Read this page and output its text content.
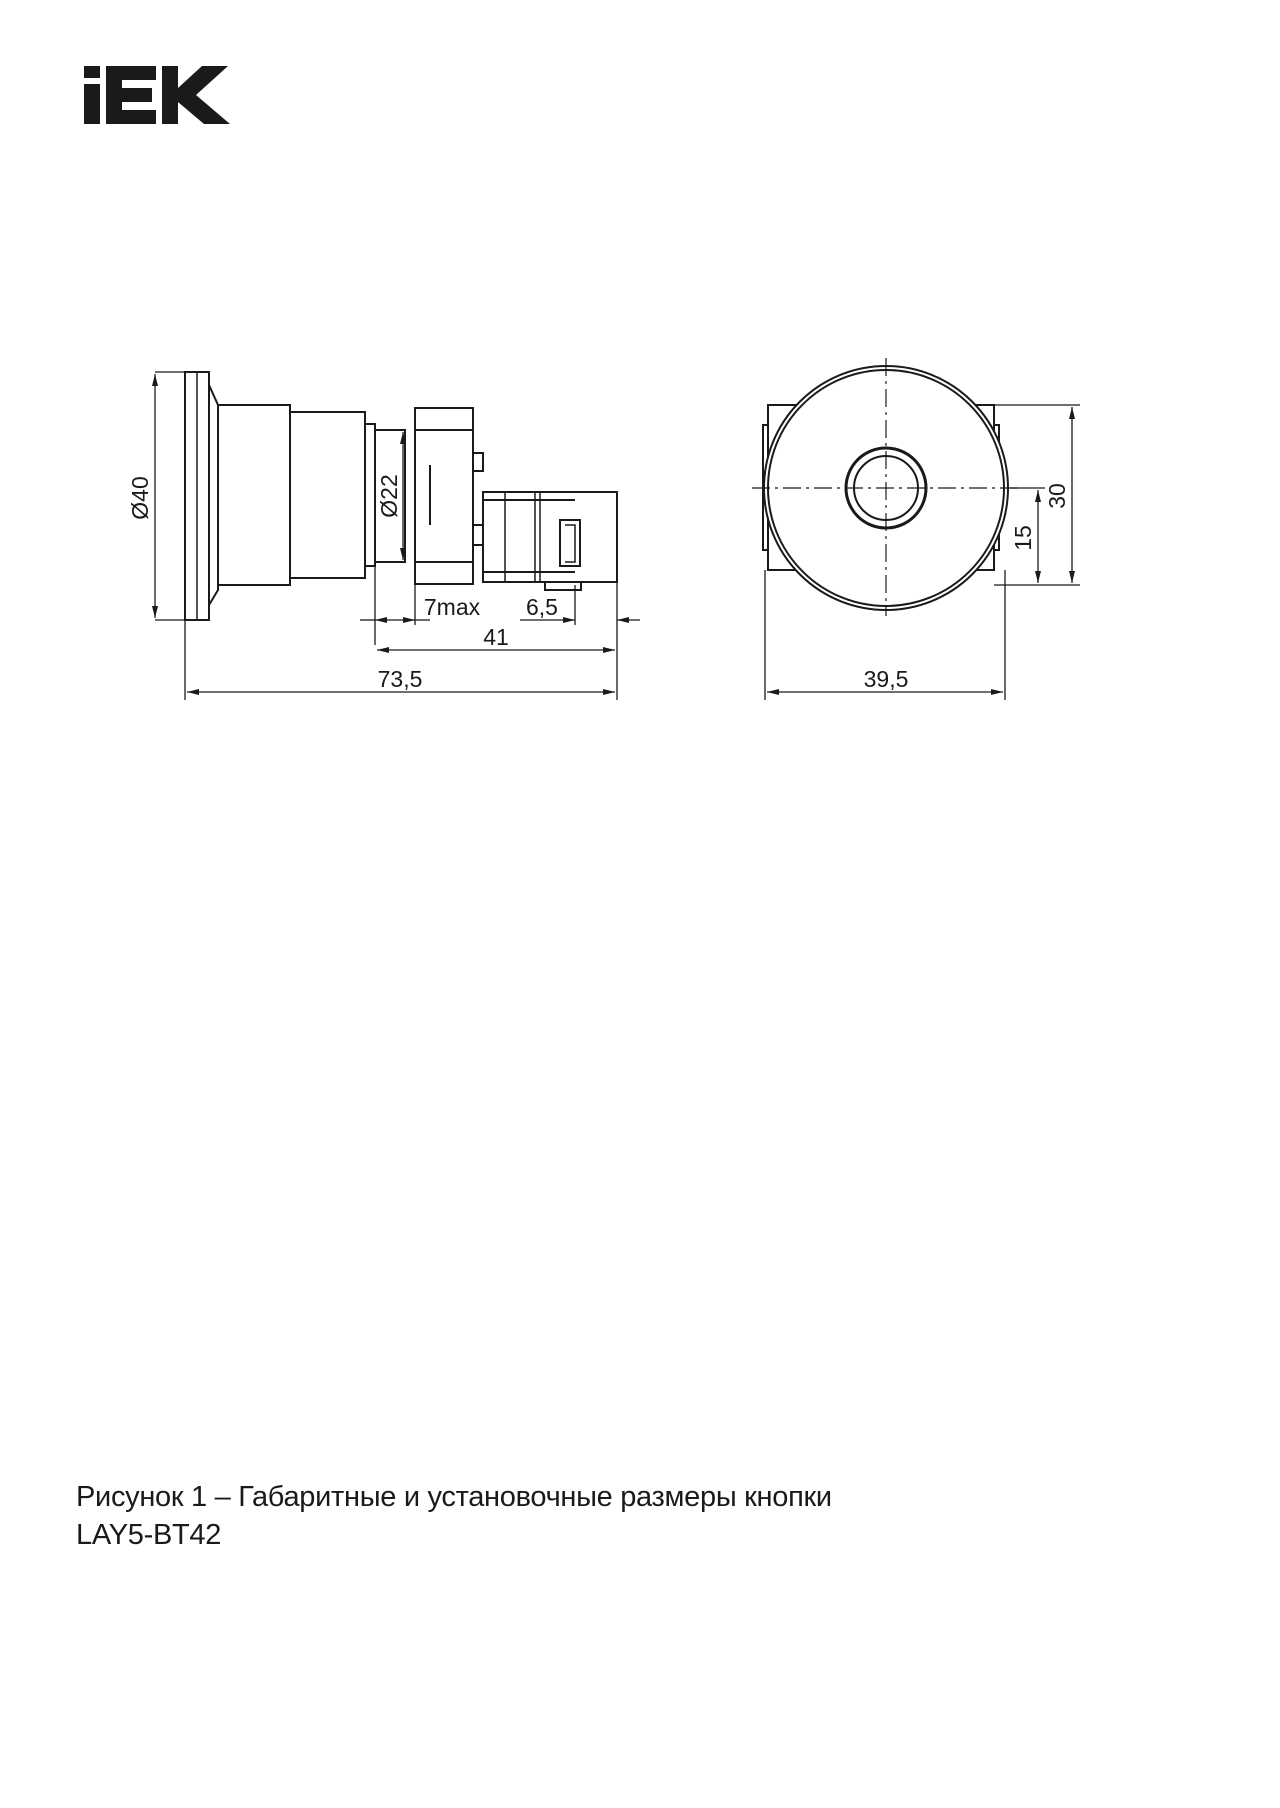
Ø40	Ø22
7max 6,5
41
73,5
30
15
39,5
Рисунок 1 – Габаритные и установочные размеры кнопки
LAY5-BT42
